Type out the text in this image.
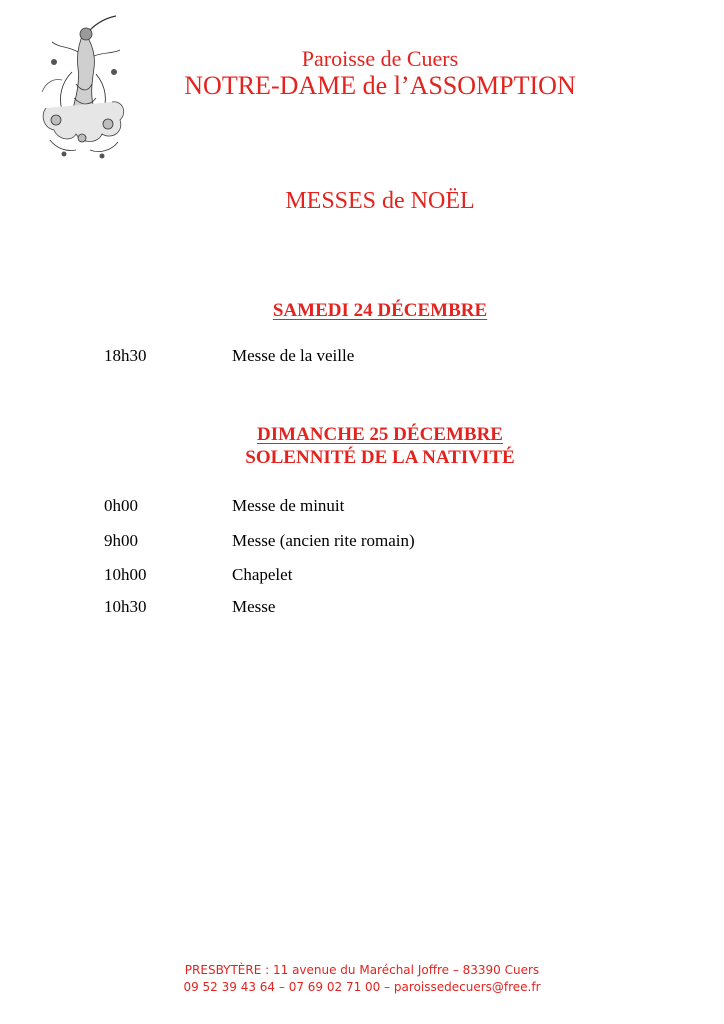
Paroisse de Cuers
NOTRE-DAME de l’ASSOMPTION
MESSES de NOËL
SAMEDI 24 DÉCEMBRE
18h30	Messe de la veille
DIMANCHE 25 DÉCEMBRE
SOLENNITÉ DE LA NATIVITÉ
0h00	Messe de minuit
9h00	Messe (ancien rite romain)
10h00	Chapelet
10h30	Messe
PRESBYTÈRE : 11 avenue du Maréchal Joffre – 83390 Cuers
09 52 39 43 64 – 07 69 02 71 00 – paroissedecuers@free.fr
